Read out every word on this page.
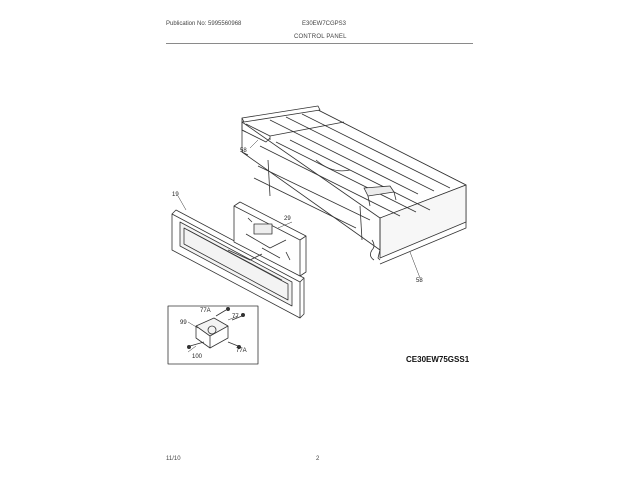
Publication No: 5995560968	E30EW7CGPS3
CONTROL PANEL
58
19
29
58
77A
77
99
100
77A
CE30EW75GSS1
11/10	2
